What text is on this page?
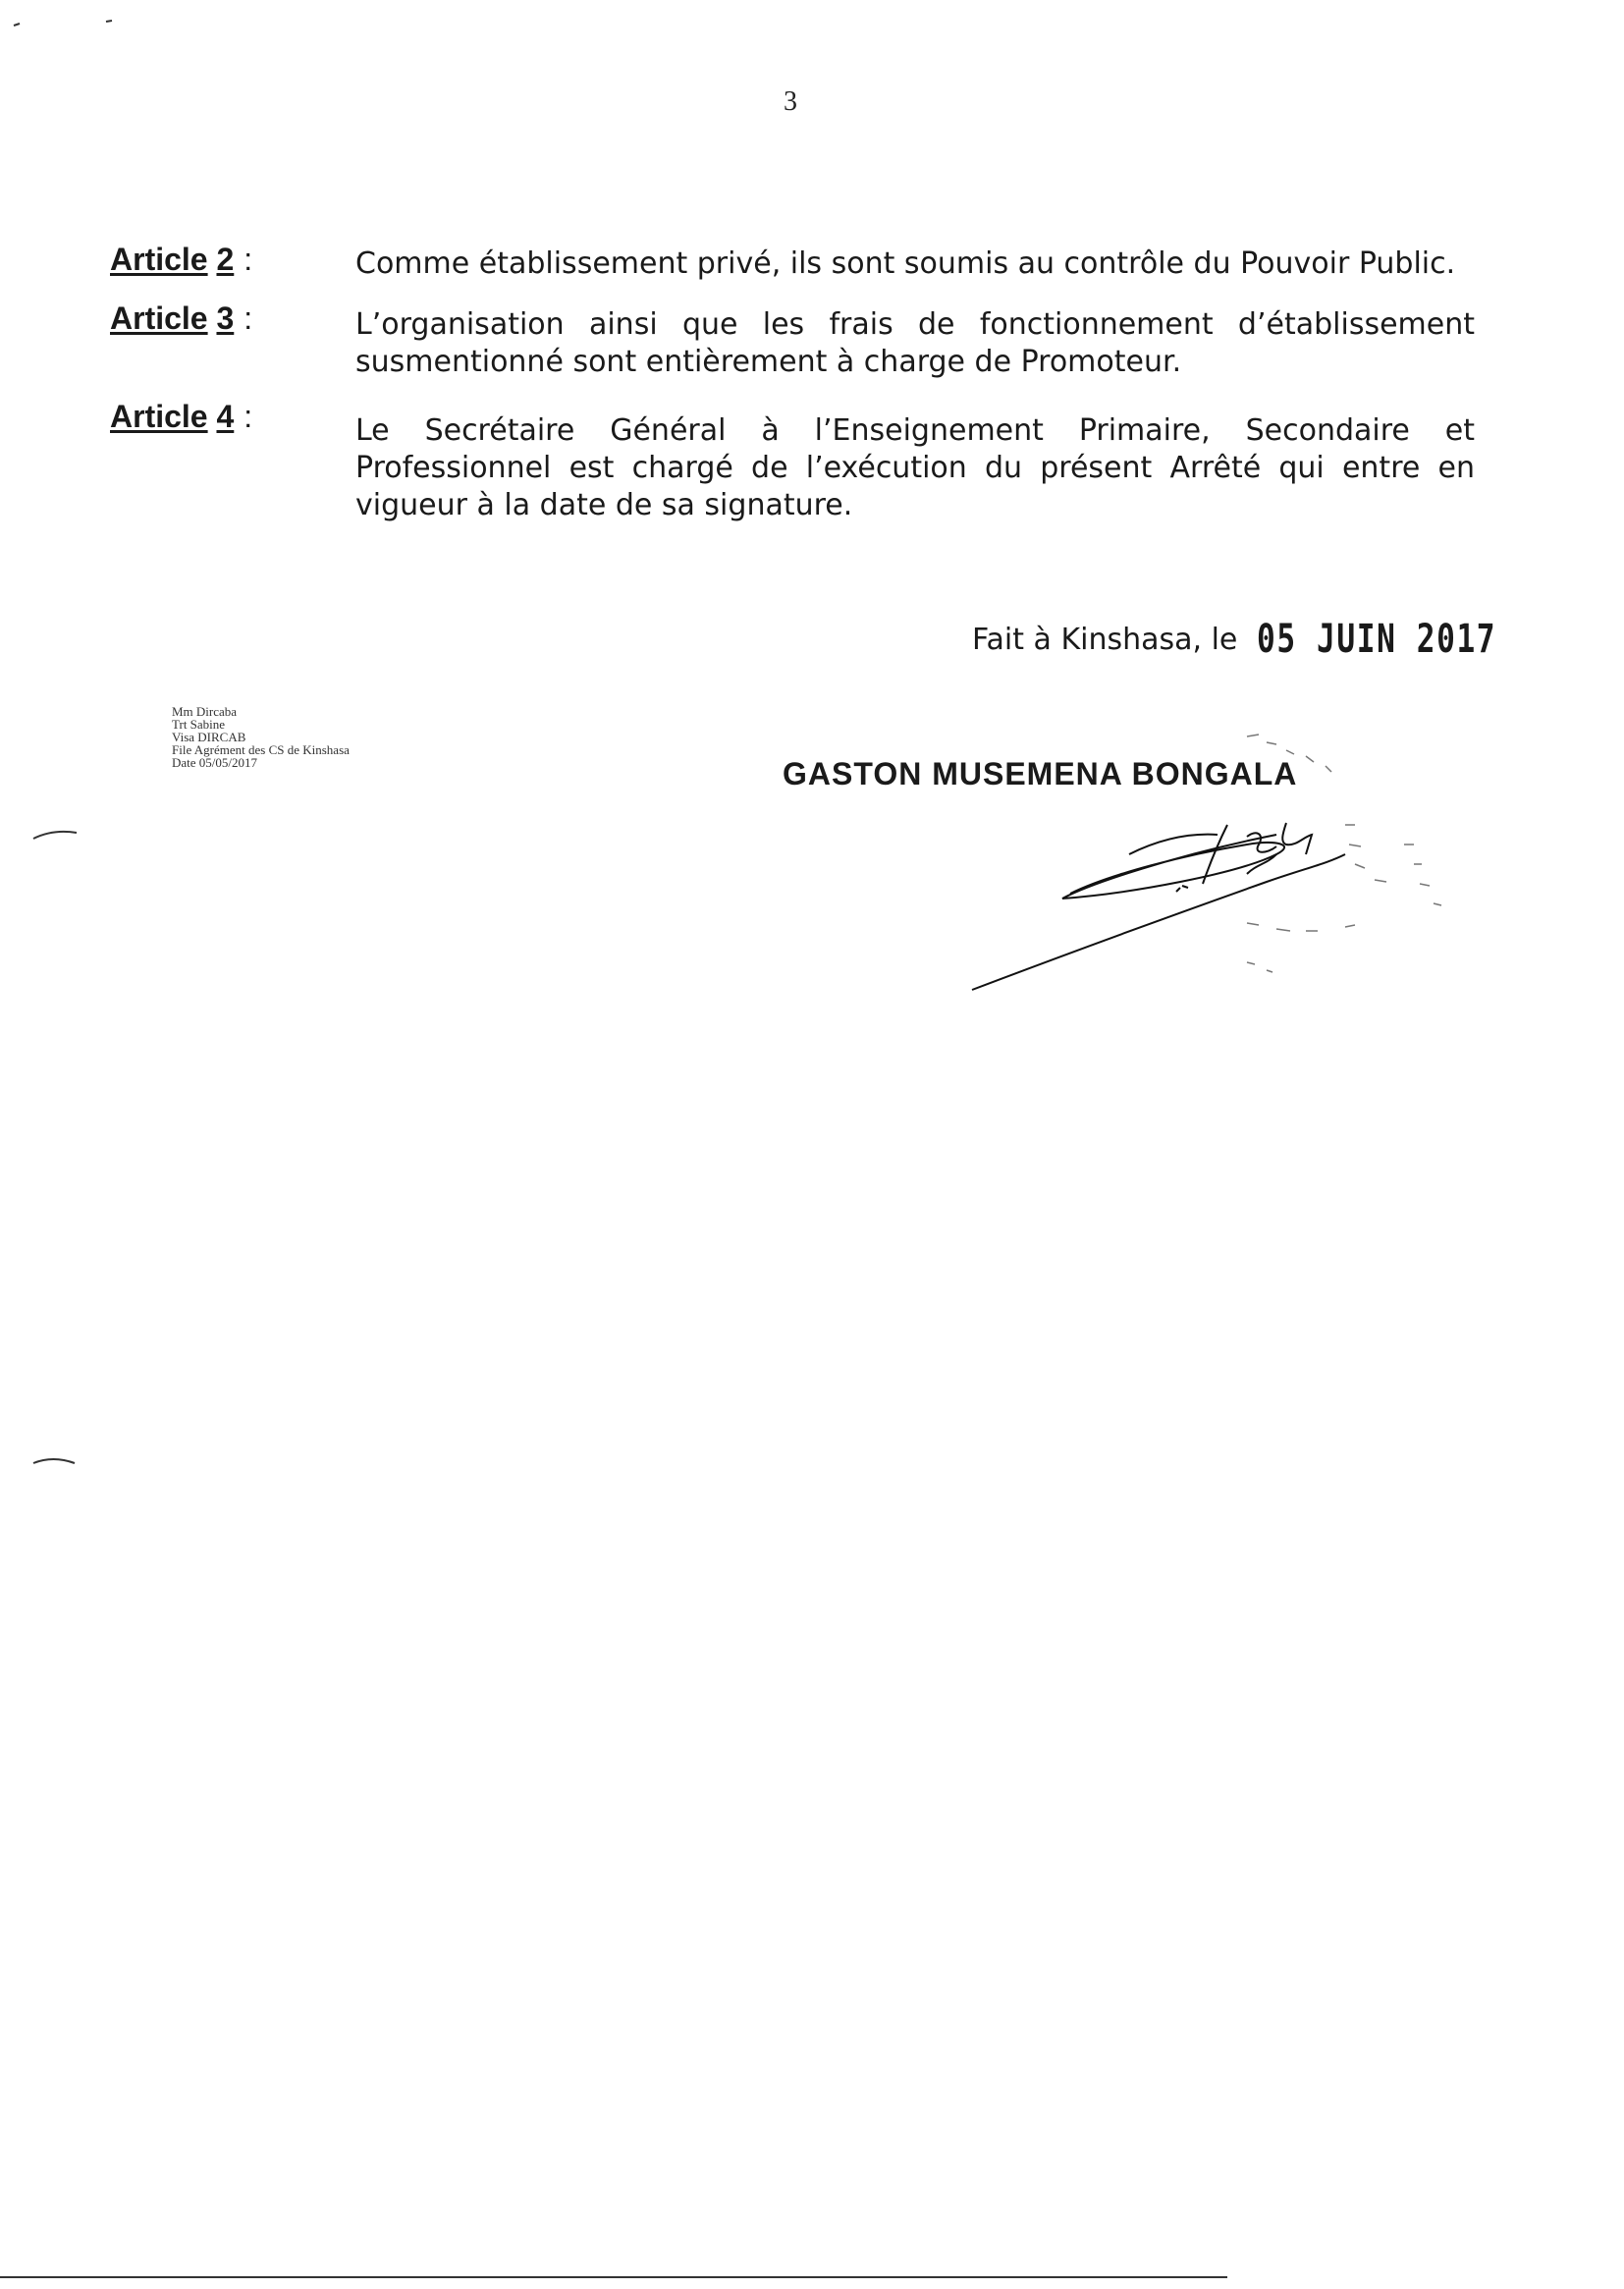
3
Article 2 :	Comme établissement privé, ils sont soumis au contrôle du Pouvoir Public.
Article 3 :	L’organisation ainsi que les frais de fonctionnement d’établissement susmentionné sont entièrement à charge de Promoteur.
Article 4 :	Le Secrétaire Général à l’Enseignement Primaire, Secondaire et Professionnel est chargé de l’exécution du présent Arrêté qui entre en vigueur à la date de sa signature.
Fait à Kinshasa, le 05 JUIN 2017
Mm Dircaba
Trt Sabine
Visa DIRCAB
File Agrément des CS de Kinshasa
Date 05/05/2017	GASTON MUSEMENA BONGALA
